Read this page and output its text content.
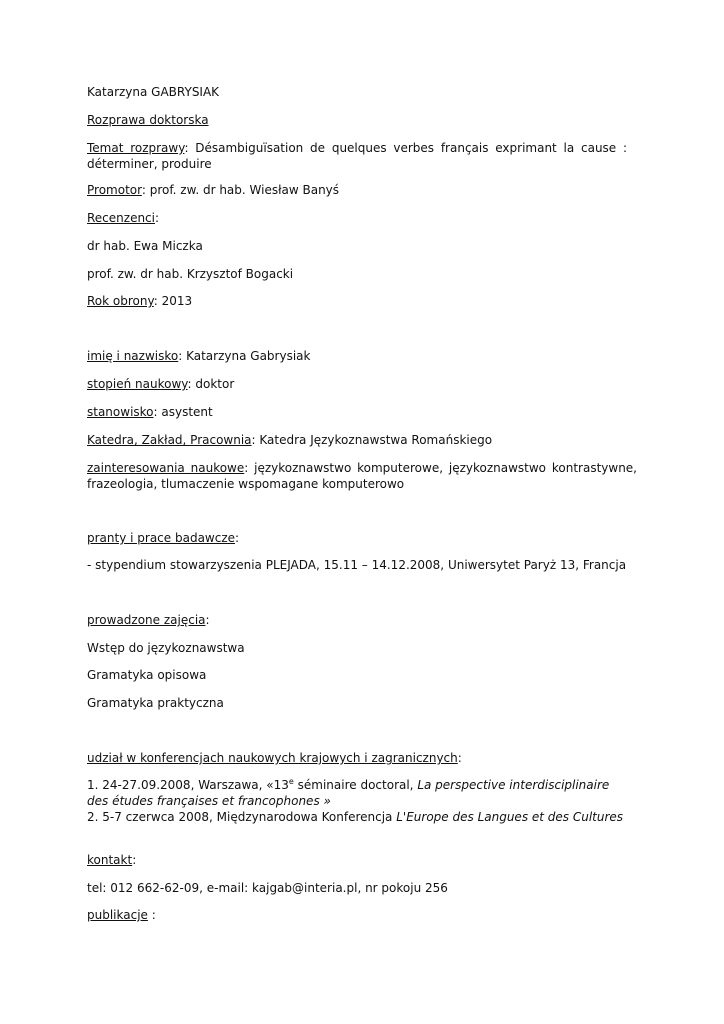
Katarzyna GABRYSIAK

Rozprawa doktorska

Temat rozprawy: Désambiguïsation de quelques verbes français exprimant la cause : déterminer, produire

Promotor: prof. zw. dr hab. Wiesław Banyś

Recenzenci:

dr hab. Ewa Miczka

prof. zw. dr hab. Krzysztof Bogacki

Rok obrony: 2013

imię i nazwisko: Katarzyna Gabrysiak

stopień naukowy: doktor

stanowisko: asystent

Katedra, Zakład, Pracownia: Katedra Językoznawstwa Romańskiego

zainteresowania naukowe: językoznawstwo komputerowe, językoznawstwo kontrastywne, frazeologia, tlumaczenie wspomagane komputerowo

pranty i prace badawcze:

- stypendium stowarzyszenia PLEJADA, 15.11 – 14.12.2008, Uniwersytet Paryż 13, Francja

prowadzone zajęcia:

Wstęp do językoznawstwa

Gramatyka opisowa

Gramatyka praktyczna

udział w konferencjach naukowych krajowych i zagranicznych:

1. 24-27.09.2008, Warszawa, «13e séminaire doctoral, La perspective interdisciplinaire des études françaises et francophones »

2. 5-7 czerwca 2008, Międzynarodowa Konferencja L'Europe des Langues et des Cultures

kontakt:

tel: 012 662-62-09, e-mail: kajgab@interia.pl, nr pokoju 256

publikacje :
